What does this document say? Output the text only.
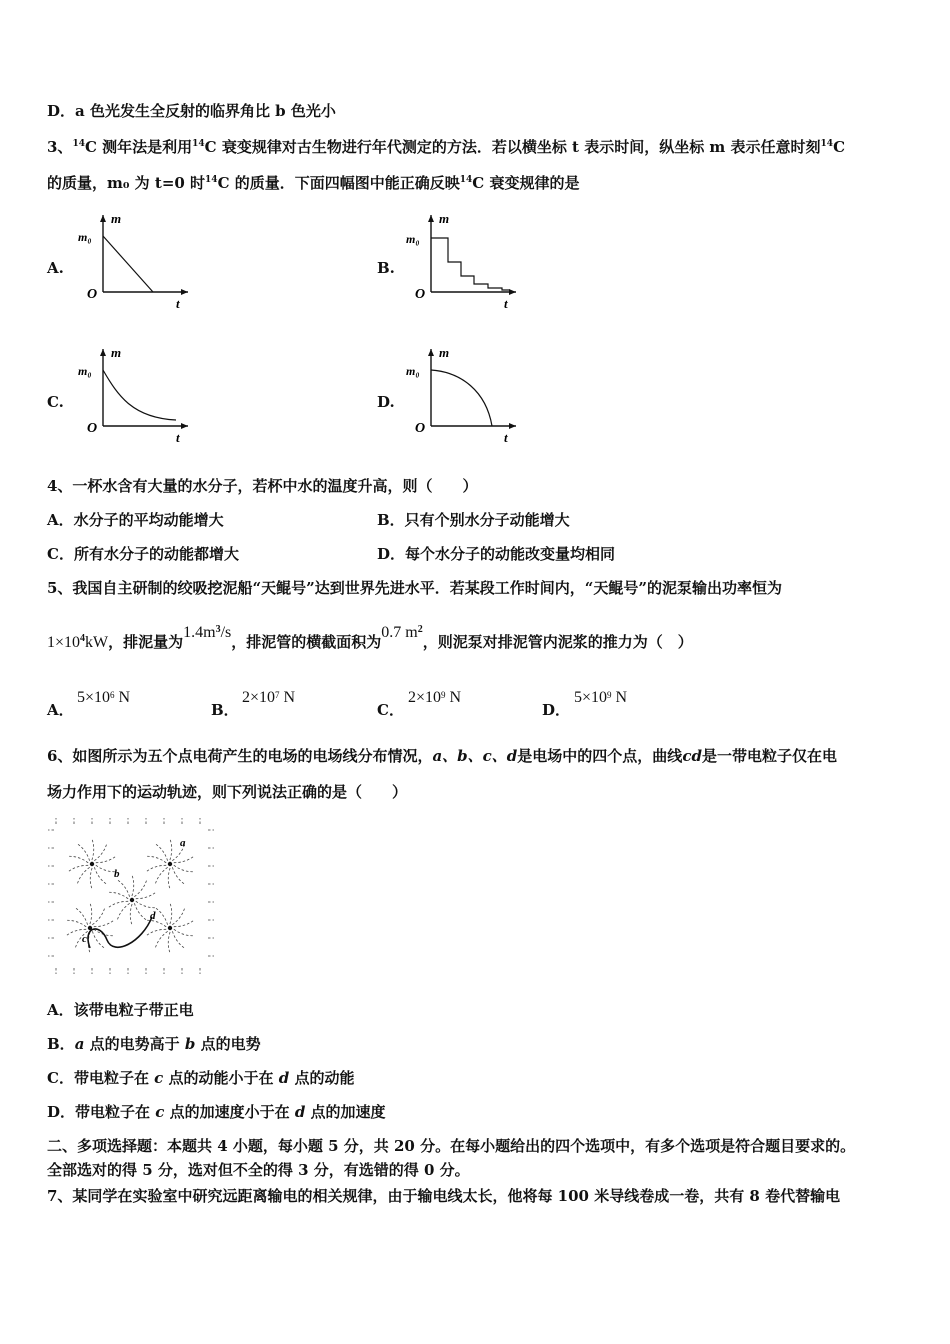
D．a 色光发生全反射的临界角比 b 色光小
3、$^{14}$C 测年法是利用$^{14}$C 衰变规律对古生物进行年代测定的方法．若以横坐标 t 表示时间，纵坐标 m 表示任意时刻$^{14}$C
的质量，m₀ 为 t=0 时$^{14}$C 的质量．下面四幅图中能正确反映$^{14}$C 衰变规律的是
A.	B.
C.	D.
m
m₀
O
t
m
m₀
O
t
m
m₀
O
t
m
m₀
O
t
4、一杯水含有大量的水分子，若杯中水的温度升高，则（　　）
A．水分子的平均动能增大	B．只有个别水分子动能增大
C．所有水分子的动能都增大	D．每个水分子的动能改变量均相同
5、我国自主研制的绞吸挖泥船“天鲲号”达到世界先进水平．若某段工作时间内，“天鲲号”的泥泵输出功率恒为
$1\times 10^4kW$，排泥量为$1.4m^3/s$，排泥管的横截面积为0.7 $m^2$，则泥泵对排泥管内泥浆的推力为（　）
A．
$5\times 10^6$ N
B．
$2\times 10^7$ N
C．
$2\times 10^9$ N
D．
$5\times 10^9$ N
6、如图所示为五个点电荷产生的电场的电场线分布情况，a、b、c、d是电场中的四个点，曲线cd是一带电粒子仅在电
场力作用下的运动轨迹，则下列说法正确的是（　　）
a
b
c
d
A．该带电粒子带正电
B．a 点的电势高于 b 点的电势
C．带电粒子在 c 点的动能小于在 d 点的动能
D．带电粒子在 c 点的加速度小于在 d 点的加速度
二、多项选择题：本题共 4 小题，每小题 5 分，共 20 分。在每小题给出的四个选项中，有多个选项是符合题目要求的。
全部选对的得 5 分，选对但不全的得 3 分，有选错的得 0 分。
7、某同学在实验室中研究远距离输电的相关规律，由于输电线太长，他将每 100 米导线卷成一卷，共有 8 卷代替输电
